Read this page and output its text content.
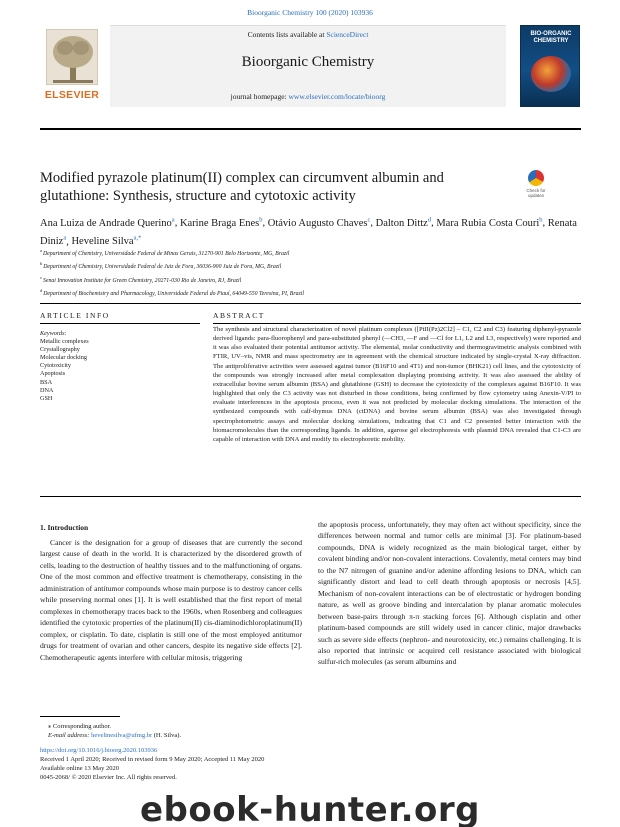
Bioorganic Chemistry 100 (2020) 103936
ELSEVIER
Contents lists available at ScienceDirect
Bioorganic Chemistry
journal homepage: www.elsevier.com/locate/bioorg
BIO-ORGANIC CHEMISTRY
Modified pyrazole platinum(II) complex can circumvent albumin and glutathione: Synthesis, structure and cytotoxic activity	Check for updates
Ana Luiza de Andrade Querino$^a$, Karine Braga Enes$^b$, Otávio Augusto Chaves$^c$, Dalton Dittz$^d$, Mara Rubia Costa Couri$^b$, Renata Diniz$^a$, Heveline Silva$^{a,*}$
$^a$Department of Chemistry, Universidade Federal de Minas Gerais, 31270-901 Belo Horizonte, MG, Brazil
$^b$Department of Chemistry, Universidade Federal de Juiz de Fora, 36036-900 Juiz de Fora, MG, Brazil
$^c$Senai Innovation Institute for Green Chemistry, 20271-030 Rio de Janeiro, RJ, Brazil
$^d$Department of Biochemistry and Pharmacology, Universidade Federal do Piauí, 64049-550 Teresina, PI, Brazil
ARTICLE INFO	ABSTRACT
Keywords:
Metallic complexes
Crystallography
Molecular docking
Cytotoxicity
Apoptosis
BSA
DNA
GSH
The synthesis and structural characterization of novel platinum complexes ([PtII(Pz)2Cl2] – C1, C2 and C3) featuring diphenyl-pyrazole derived ligands: para-fluorophenyl and para-substituted phenyl (—CH3, —F and —Cl for L1, L2 and L3, respectively) were reported and it was also evaluated their potential antitumor activity. The elemental, molar conductivity and thermogravimetric analysis combined with FTIR, UV–vis, NMR and mass spectrometry are in agreement with the chemical structure indicated by single-crystal X-ray diffraction. The antiproliferative activities were assessed against tumor (B16F10 and 4T1) and non-tumor (BHK21) cell lines, and the cytotoxicity of the compounds was strongly increased after metal complexation displaying promising activity. It was also assessed the ability of extracellular bovine serum albumin (BSA) and glutathione (GSH) to decrease the cytotoxicity of the complexes against B16F10. It was highlighted that only the C3 activity was not disturbed in those conditions, being confirmed by flow cytometry using Anexin-V/PI to evaluate interferences in the apoptosis process, even it was not predicted by molecular docking simulations. The interaction of the synthesized compounds with calf-thymus DNA (ctDNA) and bovine serum albumin (BSA) was also investigated through spectrophotometric assays and molecular docking simulations, indicating that C1 and C2 presented better interaction with the biomacromolecules than the corresponding ligands. In addition, agarose gel electrophoresis with plasmid DNA revealed that C1-C3 are capable of interaction with DNA and modify its electrophoretic mobility.
1. Introduction
Cancer is the designation for a group of diseases that are currently the second largest cause of death in the world. It is characterized by the disordered growth of cells, leading to the destruction of healthy tissues and to the malfunctioning of organs. One of the most common and effective treatment is chemotherapy, consisting in the administration of antitumor compounds whose main purpose is to destroy cancer cells while preserving normal ones [1]. It is well established that the first report of metal complexes in chemotherapy traces back to the 1960s, when Rosenberg and colleagues identified the cytotoxic properties of the platinum(II) cis-diaminodichloroplatinum(II) complex, or cisplatin. To date, cisplatin is still one of the most employed antitumor drugs for treatment of ovarian and other cancers, despite its negative side effects [2]. Chemotherapeutic agents interfere with cellular mitosis, triggering
the apoptosis process, unfortunately, they may often act without specificity, since the differences between normal and tumor cells are minimal [3]. For platinum-based compounds, DNA is widely recognized as the main biological target, either by covalent binding and/or non-covalent interactions. Covalently, metal centers may bind to the N7 nitrogen of guanine and/or adenine affording lesions to DNA, which can significantly distort and lead to cell death through apoptosis or necrosis [4,5]. Mechanism of non-covalent interactions can be of electrostatic or hydrogen bonding nature, as well as groove binding and intercalation by planar aromatic molecules between base-pairs through π-π stacking forces [6]. Although cisplatin and other platinum-based compounds are still widely used in cancer clinic, major drawbacks such as severe side effects (nephron- and neurotoxicity, etc.) remains challenging. It is also reported that intrinsic or acquired cell resistance associated with biological sulfur-rich molecules (as serum albumins and
⁎ Corresponding author.
E-mail address: hevelinesilva@ufmg.br (H. Silva).
https://doi.org/10.1016/j.bioorg.2020.103936
Received 1 April 2020; Received in revised form 9 May 2020; Accepted 11 May 2020
Available online 13 May 2020
0045-2068/ © 2020 Elsevier Inc. All rights reserved.
ebook-hunter.org
